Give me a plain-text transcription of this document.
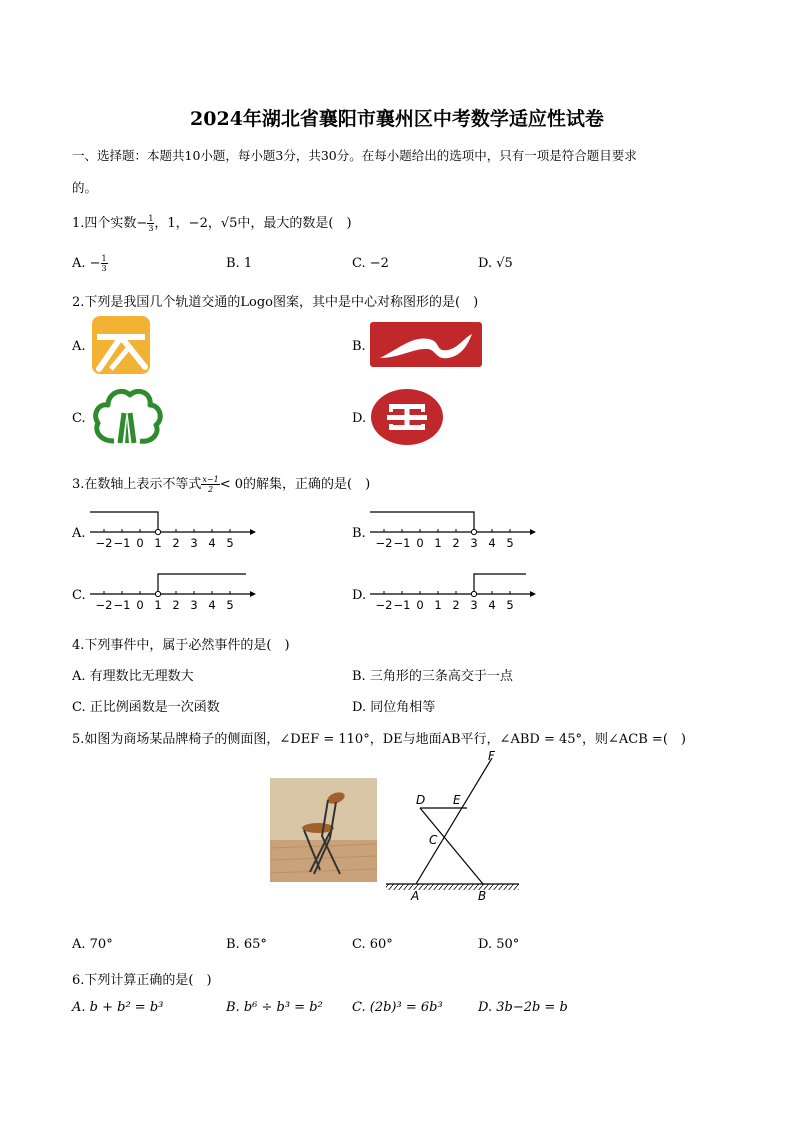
2024年湖北省襄阳市襄州区中考数学适应性试卷
一、选择题：本题共10小题，每小题3分，共30分。在每小题给出的选项中，只有一项是符合题目要求
的。
1.四个实数− $\frac{1}{3}$ ，1，−2，√5中，最大的数是(　)
A. − $\frac{1}{3}$	B. 1	C. −2	D. √5
2.下列是我国几个轨道交通的Logo图案，其中是中心对称图形的是(　)
A.	B.
C.	D.
3.在数轴上表示不等式 $\frac{x-1}{2} < 0$的解集，正确的是(　)
A.	B.
C.	D.
−2 −1 0 1 2 3 4 5	−2 −1 0 1 2 3 4 5
−2 −1 0 1 2 3 4 5	−2 −1 0 1 2 3 4 5
4.下列事件中，属于必然事件的是(　)
A. 有理数比无理数大	B. 三角形的三条高交于一点
C. 正比例函数是一次函数	D. 同位角相等
5.如图为商场某品牌椅子的侧面图，∠DEF = 110°，DE与地面AB平行，∠ABD = 45°，则∠ACB =(　)
F
D E
C
A	B
A. 70°	B. 65°	C. 60°	D. 50°
6.下列计算正确的是(　)
A. b + b² = b³	B. b⁶ ÷ b³ = b² C. (2b)³ = 6b³	D. 3b−2b = b
